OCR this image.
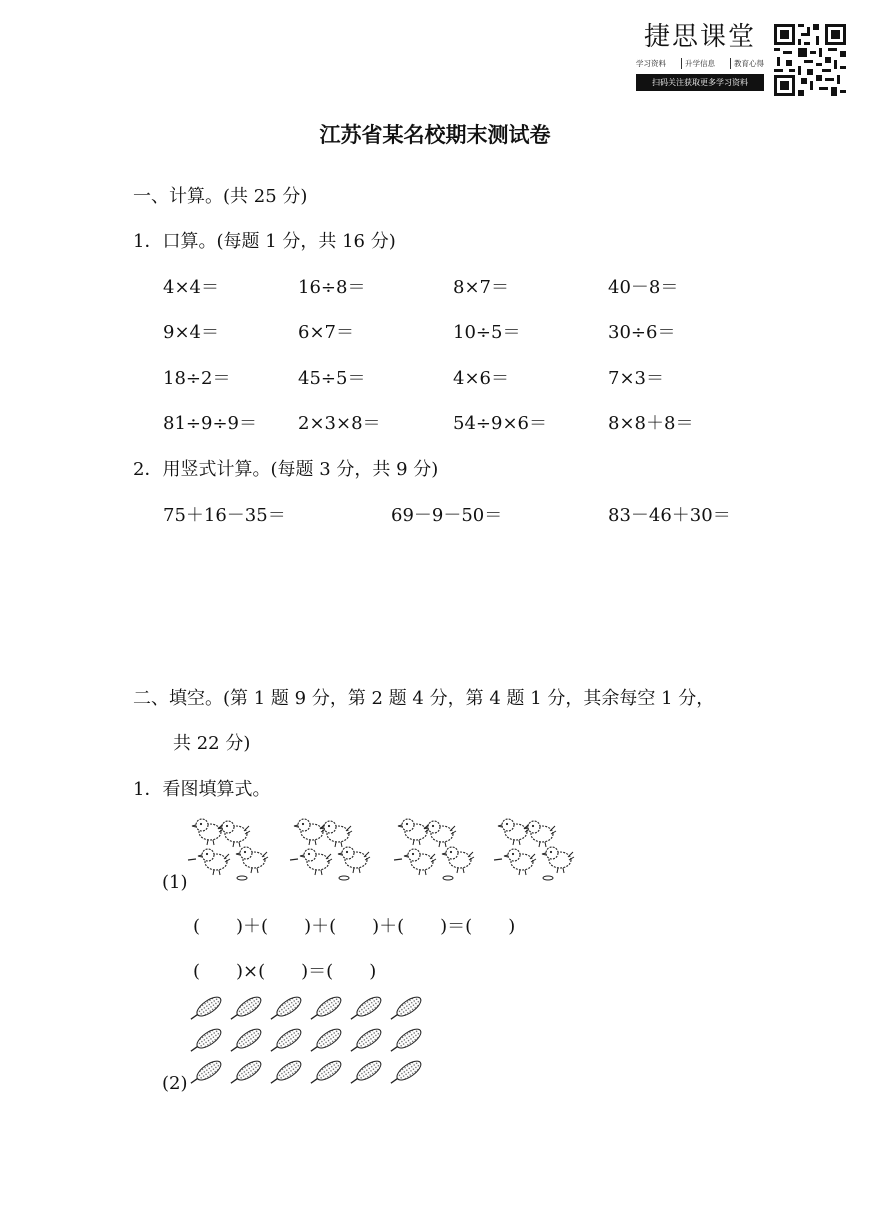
捷思课堂
学习资料	升学信息	教育心得
扫码关注获取更多学习资料
江苏省某名校期末测试卷
一、计算。(共 25 分)
1．口算。(每题 1 分，共 16 分)
4×4＝	16÷8＝	8×7＝	40－8＝
9×4＝	6×7＝	10÷5＝	30÷6＝
18÷2＝	45÷5＝	4×6＝	7×3＝
81÷9÷9＝ 2×3×8＝	54÷9×6＝	8×8＋8＝
2．用竖式计算。(每题 3 分，共 9 分)
75＋16－35＝	69－9－50＝	83－46＋30＝
二、填空。(第 1 题 9 分，第 2 题 4 分，第 4 题 1 分，其余每空 1 分，
共 22 分)
1．看图填算式。
(1)
(　　)＋(　　)＋(　　)＋(　　)＝(　　)
(　　)×(　　)＝(　　)
(2)
